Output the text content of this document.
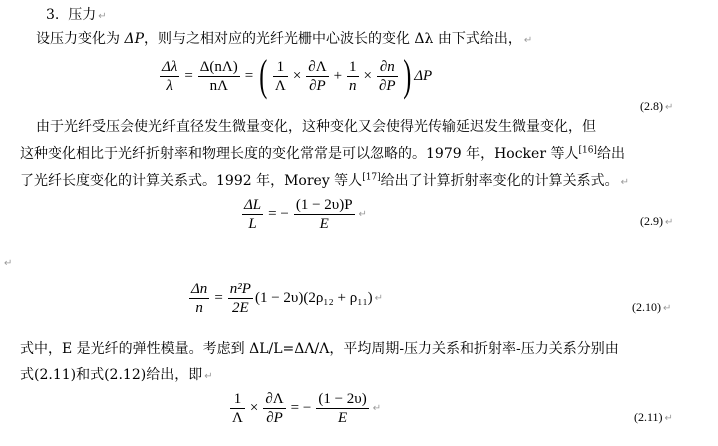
3. 压力 ↵
设压力变化为 ΔP，则与之相对应的光纤光栅中心波长的变化 Δλ 由下式给出， ↵
$\frac{\Delta\lambda}{\lambda} = \frac{\Delta(n\Lambda)}{n\Lambda}$ = ( $\frac{1}{\Lambda} \times \frac{\partial\Lambda}{\partial P} + \frac{1}{n} \times \frac{\partial n}{\partial P}$ ) ΔP
(2.8) ↵
由于光纤受压会使光纤直径发生微量变化，这种变化又会使得光传输延迟发生微量变化，但
这种变化相比于光纤折射率和物理长度的变化常常是可以忽略的。1979 年，Hocker 等人[16]给出
了光纤长度变化的计算关系式。1992 年，Morey 等人[17]给出了计算折射率变化的计算关系式。 ↵
$\frac{\Delta L}{L}$ = − $\frac{(1 - 2\upsilon)P}{E}$ ↵	(2.9) ↵
↵
$\frac{\Delta n}{n} = \frac{\text{n²P}}{2E} (1 - 2\upsilon)(2\rho_{12} + \rho_{11})$ ↵
(2.10) ↵
式中，E 是光纤的弹性模量。考虑到 ΔL/L=ΔΛ/Λ，平均周期-压力关系和折射率-压力关系分别由
式(2.11)和式(2.12)给出，即 ↵
$\frac{1}{\Lambda} \times \frac{\partial\Lambda}{\partial P}$ = − $\frac{(1 - 2\upsilon)}{E}$ ↵
(2.11) ↵
